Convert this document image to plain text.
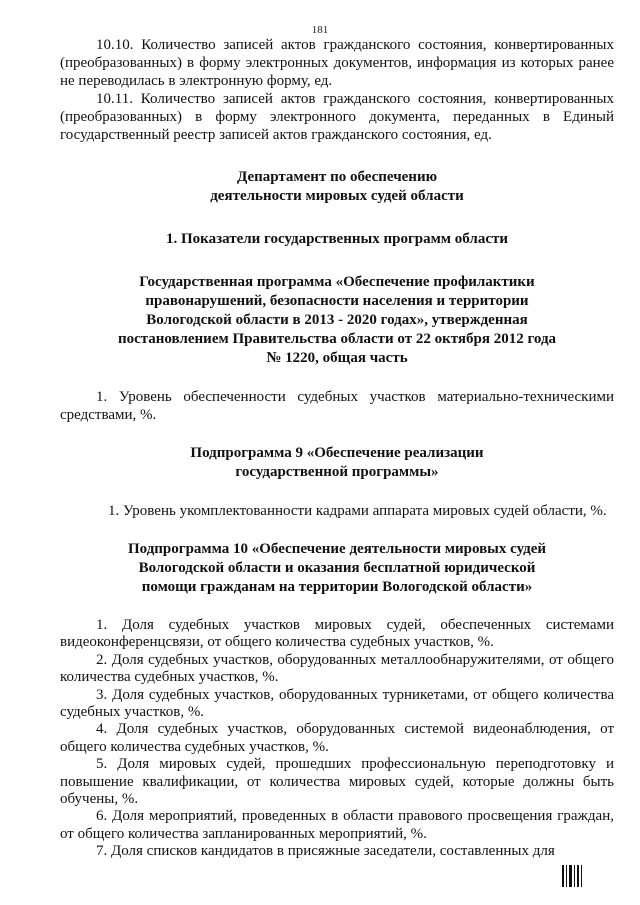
181

10.10. Количество записей актов гражданского состояния, конвертированных (преобразованных) в форму электронных документов, информация из которых ранее не переводилась в электронную форму, ед.

10.11. Количество записей актов гражданского состояния, конвертированных (преобразованных) в форму электронного документа, переданных в Единый государственный реестр записей актов гражданского состояния, ед.

Департамент по обеспечению деятельности мировых судей области
1. Показатели государственных программ области
Государственная программа «Обеспечение профилактики правонарушений, безопасности населения и территории Вологодской области в 2013 - 2020 годах», утвержденная постановлением Правительства области от 22 октября 2012 года № 1220, общая часть

1. Уровень обеспеченности судебных участков материально-техническими средствами, %.

Подпрограмма 9 «Обеспечение реализации государственной программы»

1. Уровень укомплектованности кадрами аппарата мировых судей области, %.

Подпрограмма 10 «Обеспечение деятельности мировых судей Вологодской области и оказания бесплатной юридической помощи гражданам на территории Вологодской области»

1. Доля судебных участков мировых судей, обеспеченных системами видеоконференцсвязи, от общего количества судебных участков, %.

2. Доля судебных участков, оборудованных металлообнаружителями, от общего количества судебных участков, %.

3. Доля судебных участков, оборудованных турникетами, от общего количества судебных участков, %.

4. Доля судебных участков, оборудованных системой видеонаблюдения, от общего количества судебных участков, %.

5. Доля мировых судей, прошедших профессиональную переподготовку и повышение квалификации, от количества мировых судей, которые должны быть обучены, %.

6. Доля мероприятий, проведенных в области правового просвещения граждан, от общего количества запланированных мероприятий, %.

7. Доля списков кандидатов в присяжные заседатели, составленных для
